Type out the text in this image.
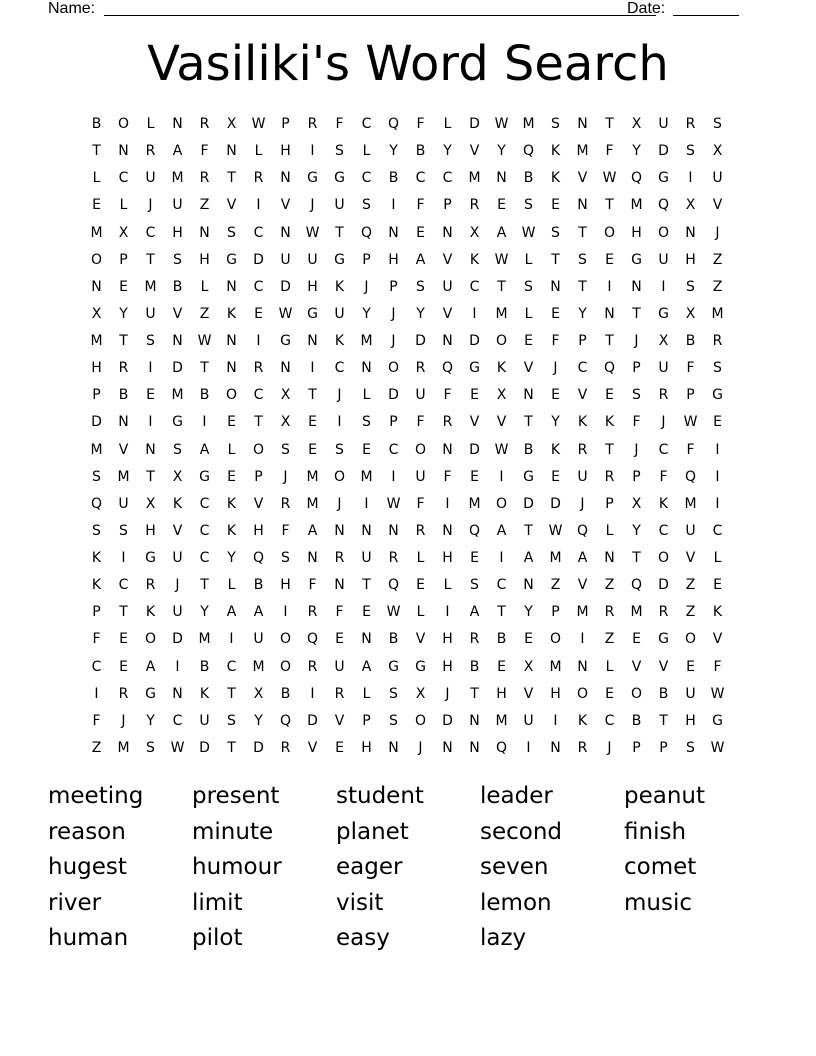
Name:	Date:
Vasiliki's Word Search
B	O	L	N	R	X	W	P	R	F	C	Q	F	L	D	W	M	S	N	T	X	U	R	S
T	N	R	A	F	N	L	H	I	S	L	Y	B	Y	V	Y	Q	K	M	F	Y	D	S	X
L	C	U	M	R	T	R	N	G	G	C	B	C	C	M	N	B	K	V	W	Q	G	I	U
E	L	J	U	Z	V	I	V	J	U	S	I	F	P	R	E	S	E	N	T	M	Q	X	V
M	X	C	H	N	S	C	N	W	T	Q	N	E	N	X	A	W	S	T	O	H	O	N	J
O	P	T	S	H	G	D	U	U	G	P	H	A	V	K	W	L	T	S	E	G	U	H	Z
N	E	M	B	L	N	C	D	H	K	J	P	S	U	C	T	S	N	T	I	N	I	S	Z
X	Y	U	V	Z	K	E	W	G	U	Y	J	Y	V	I	M	L	E	Y	N	T	G	X	M
M	T	S	N	W	N	I	G	N	K	M	J	D	N	D	O	E	F	P	T	J	X	B	R
H	R	I	D	T	N	R	N	I	C	N	O	R	Q	G	K	V	J	C	Q	P	U	F	S
P	B	E	M	B	O	C	X	T	J	L	D	U	F	E	X	N	E	V	E	S	R	P	G
D	N	I	G	I	E	T	X	E	I	S	P	F	R	V	V	T	Y	K	K	F	J	W	E
M	V	N	S	A	L	O	S	E	S	E	C	O	N	D	W	B	K	R	T	J	C	F	I
S	M	T	X	G	E	P	J	M	O	M	I	U	F	E	I	G	E	U	R	P	F	Q	I
Q	U	X	K	C	K	V	R	M	J	I	W	F	I	M	O	D	D	J	P	X	K	M	I
S	S	H	V	C	K	H	F	A	N	N	N	R	N	Q	A	T	W	Q	L	Y	C	U	C
K	I	G	U	C	Y	Q	S	N	R	U	R	L	H	E	I	A	M	A	N	T	O	V	L
K	C	R	J	T	L	B	H	F	N	T	Q	E	L	S	C	N	Z	V	Z	Q	D	Z	E
P	T	K	U	Y	A	A	I	R	F	E	W	L	I	A	T	Y	P	M	R	M	R	Z	K
F	E	O	D	M	I	U	O	Q	E	N	B	V	H	R	B	E	O	I	Z	E	G	O	V
C	E	A	I	B	C	M	O	R	U	A	G	G	H	B	E	X	M	N	L	V	V	E	F
I	R	G	N	K	T	X	B	I	R	L	S	X	J	T	H	V	H	O	E	O	B	U	W
F	J	Y	C	U	S	Y	Q	D	V	P	S	O	D	N	M	U	I	K	C	B	T	H	G
Z	M	S	W	D	T	D	R	V	E	H	N	J	N	N	Q	I	N	R	J	P	P	S	W
meeting	present	student	leader	peanut
reason	minute	planet	second	finish
hugest	humour	eager	seven	comet
river	limit	visit	lemon	music
human	pilot	easy	lazy
